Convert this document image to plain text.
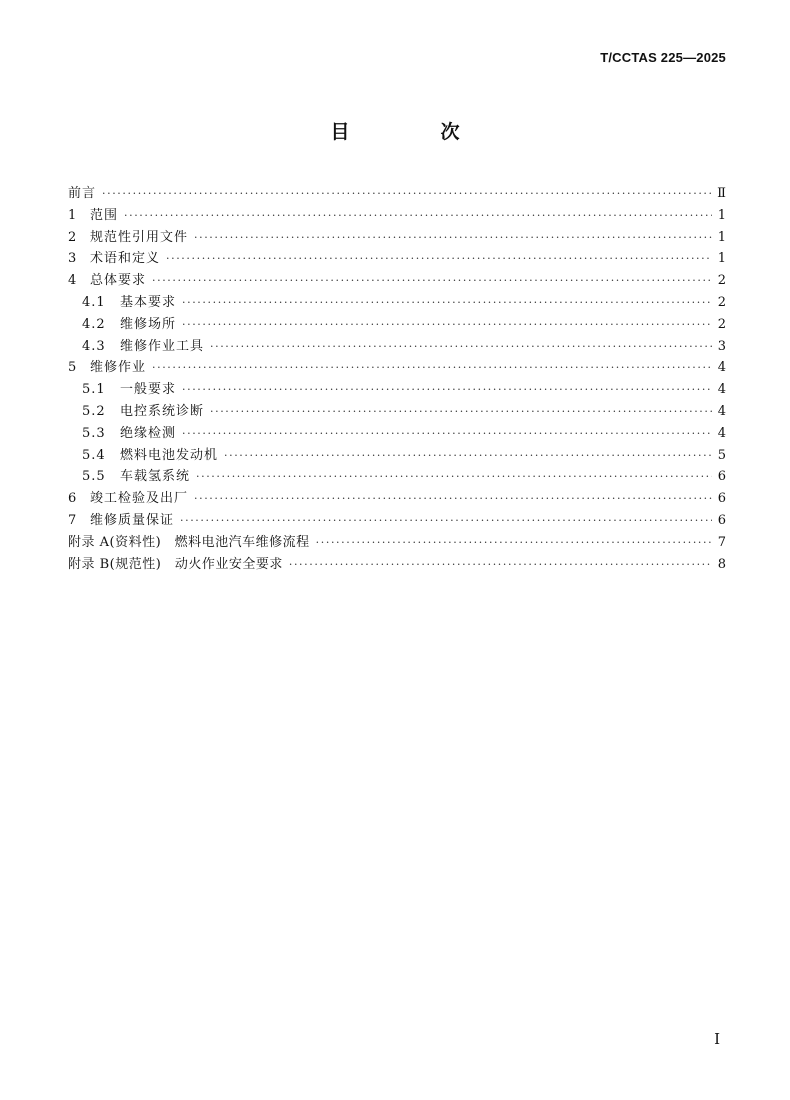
T/CCTAS 225—2025
目　次
前言 ·····	Ⅱ
1	范围 ·····	1
2	规范性引用文件 ·····	1
3	术语和定义 ·····	1
4	总体要求 ·····	2
4.1	基本要求 ·····	2
4.2	维修场所 ·····	2
4.3	维修作业工具 ·····	3
5	维修作业 ·····	4
5.1	一般要求 ·····	4
5.2	电控系统诊断 ·····	4
5.3	绝缘检测 ·····	4
5.4	燃料电池发动机 ·····	5
5.5	车载氢系统 ·····	6
6	竣工检验及出厂 ·····	6
7	维修质量保证 ·····	6
附录 A(资料性)　燃料电池汽车维修流程 ·····	7
附录 B(规范性)　动火作业安全要求 ·····	8
Ⅰ
